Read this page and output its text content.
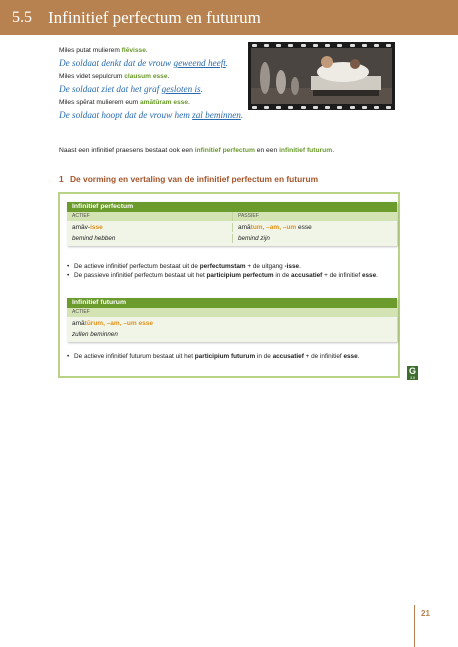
5.5 Infinitief perfectum en futurum
Miles putat mulierem flēvisse.
De soldaat denkt dat de vrouw geweend heeft.
Miles videt sepulcrum clausum esse.
De soldaat ziet dat het graf gesloten is.
Miles spērat mulierem eum amātūram esse.
De soldaat hoopt dat de vrouw hem zal beminnen.
Naast een infinitief praesens bestaat ook een infinitief perfectum en een infinitief futurum.
1 De vorming en vertaling van de infinitief perfectum en futurum
Infinitief perfectum
ACTIEF	PASSIEF
amāv-isse	amātum, –am, –um esse
bemind hebben	bemind zijn
• De actieve infinitief perfectum bestaat uit de perfectumstam + de uitgang -isse.
• De passieve infinitief perfectum bestaat uit het participium perfectum in de accusatief + de infinitief esse.
Infinitief futurum
ACTIEF
amātūrum, –am, –um esse
zullen beminnen
• De actieve infinitief futurum bestaat uit het participium futurum in de accusatief + de infinitief esse.
G
3.5
21
